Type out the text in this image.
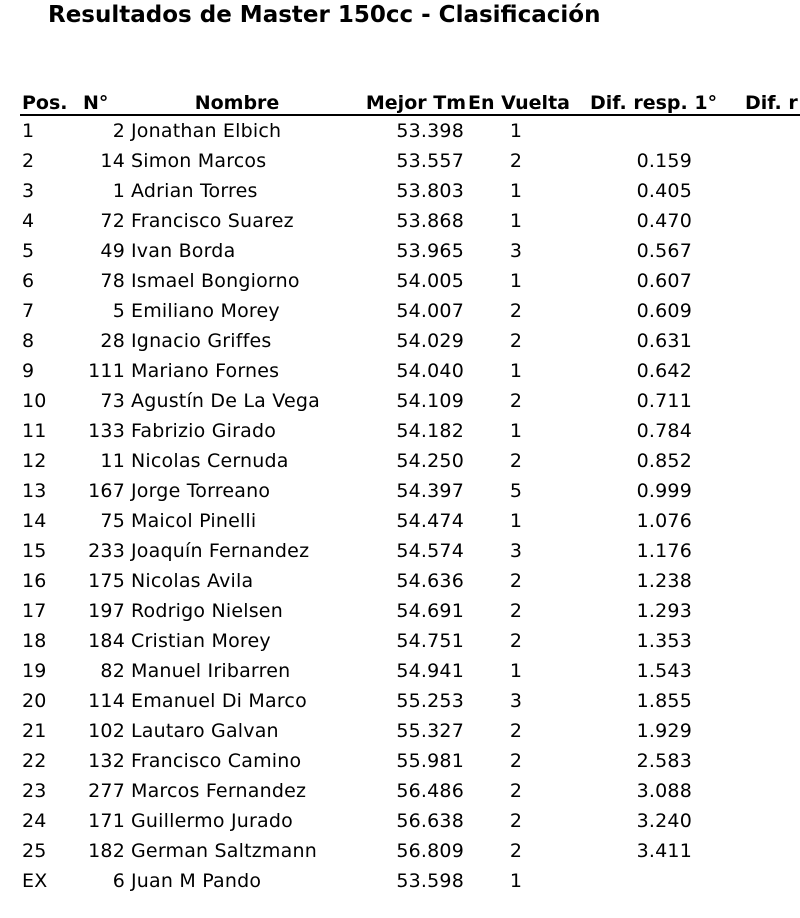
Resultados de Master 150cc - Clasificación
Pos.	N°	Nombre	Mejor Tm	En Vuelta	Dif. resp. 1°	Dif. r
1	2	Jonathan Elbich	53.398	1		
2	14	Simon Marcos	53.557	2	0.159	
3	1	Adrian Torres	53.803	1	0.405	
4	72	Francisco Suarez	53.868	1	0.470	
5	49	Ivan Borda	53.965	3	0.567	
6	78	Ismael Bongiorno	54.005	1	0.607	
7	5	Emiliano Morey	54.007	2	0.609	
8	28	Ignacio Griffes	54.029	2	0.631	
9	111	Mariano Fornes	54.040	1	0.642	
10	73	Agustín De La Vega	54.109	2	0.711	
11	133	Fabrizio Girado	54.182	1	0.784	
12	11	Nicolas Cernuda	54.250	2	0.852	
13	167	Jorge Torreano	54.397	5	0.999	
14	75	Maicol Pinelli	54.474	1	1.076	
15	233	Joaquín Fernandez	54.574	3	1.176	
16	175	Nicolas Avila	54.636	2	1.238	
17	197	Rodrigo Nielsen	54.691	2	1.293	
18	184	Cristian Morey	54.751	2	1.353	
19	82	Manuel Iribarren	54.941	1	1.543	
20	114	Emanuel Di Marco	55.253	3	1.855	
21	102	Lautaro Galvan	55.327	2	1.929	
22	132	Francisco Camino	55.981	2	2.583	
23	277	Marcos Fernandez	56.486	2	3.088	
24	171	Guillermo Jurado	56.638	2	3.240	
25	182	German Saltzmann	56.809	2	3.411	
EX	6	Juan M Pando	53.598	1		
